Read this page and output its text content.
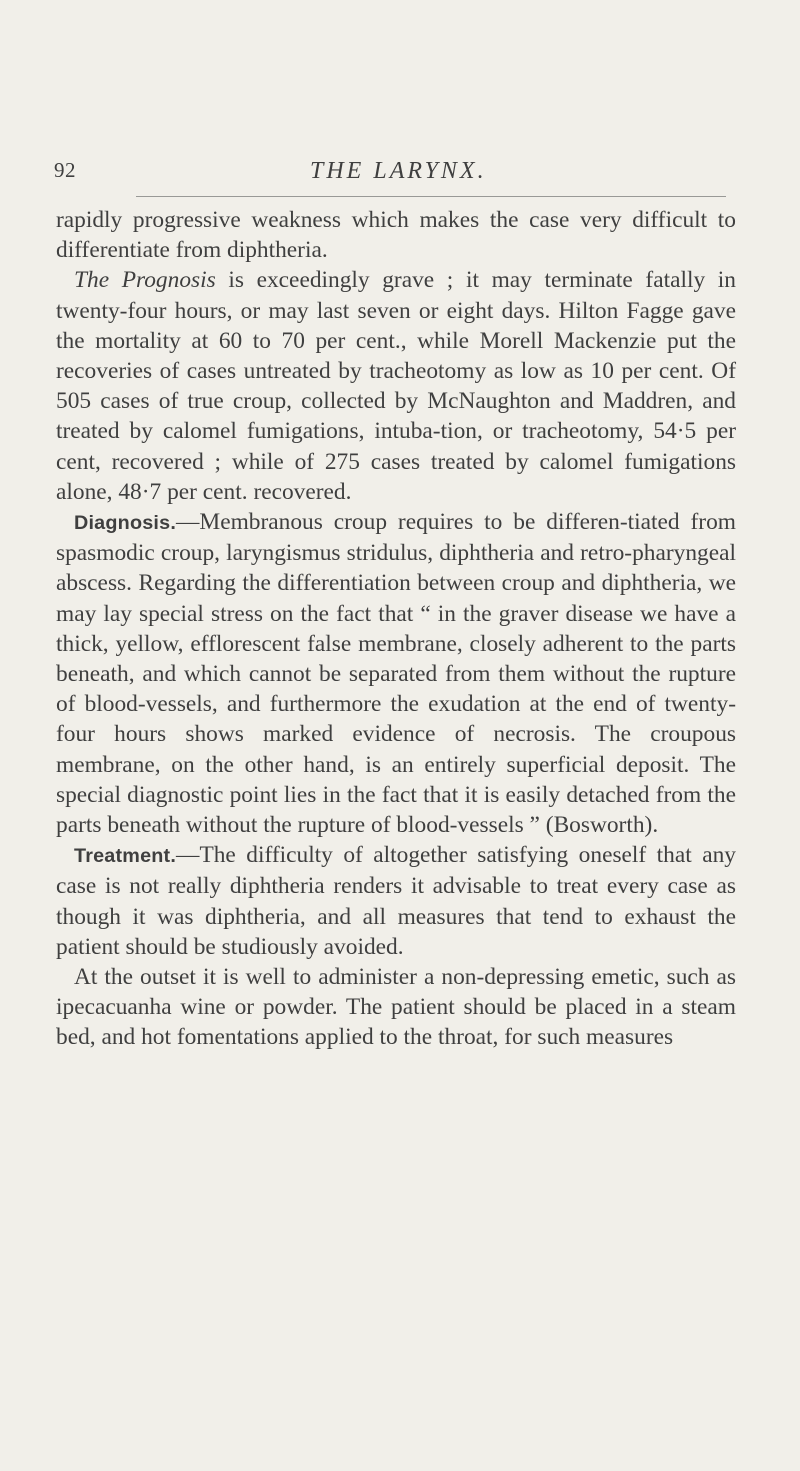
92	THE LARYNX.

rapidly progressive weakness which makes the case very difficult to differentiate from diphtheria.

The Prognosis is exceedingly grave ; it may terminate fatally in twenty-four hours, or may last seven or eight days. Hilton Fagge gave the mortality at 60 to 70 per cent., while Morell Mackenzie put the recoveries of cases untreated by tracheotomy as low as 10 per cent. Of 505 cases of true croup, collected by McNaughton and Maddren, and treated by calomel fumigations, intuba-tion, or tracheotomy, 54·5 per cent, recovered ; while of 275 cases treated by calomel fumigations alone, 48·7 per cent. recovered.

Diagnosis.—Membranous croup requires to be differen-tiated from spasmodic croup, laryngismus stridulus, diphtheria and retro-pharyngeal abscess. Regarding the differentiation between croup and diphtheria, we may lay special stress on the fact that “ in the graver disease we have a thick, yellow, efflorescent false membrane, closely adherent to the parts beneath, and which cannot be separated from them without the rupture of blood-vessels, and furthermore the exudation at the end of twenty-four hours shows marked evidence of necrosis. The croupous membrane, on the other hand, is an entirely superficial deposit. The special diagnostic point lies in the fact that it is easily detached from the parts beneath without the rupture of blood-vessels ” (Bosworth).

Treatment.—The difficulty of altogether satisfying oneself that any case is not really diphtheria renders it advisable to treat every case as though it was diphtheria, and all measures that tend to exhaust the patient should be studiously avoided.

At the outset it is well to administer a non-depressing emetic, such as ipecacuanha wine or powder. The patient should be placed in a steam bed, and hot fomentations applied to the throat, for such measures
